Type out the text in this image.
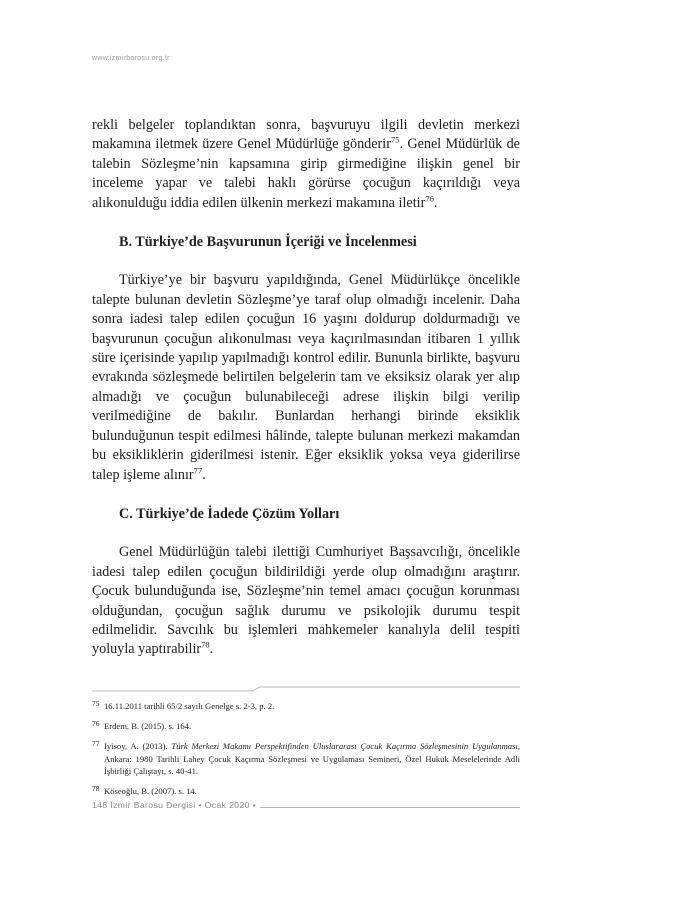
www.izmirbarosu.org.tr

rekli belgeler toplandıktan sonra, başvuruyu ilgili devletin merkezi makamına iletmek üzere Genel Müdürlüğe gönderir$^{75}$. Genel Müdürlük de talebin Sözleşme’nin kapsamına girip girmediğine ilişkin genel bir inceleme yapar ve talebi haklı görürse çocuğun kaçırıldığı veya alıkonulduğu iddia edilen ülkenin merkezi makamına iletir$^{76}$.

B. Türkiye’de Başvurunun İçeriği ve İncelenmesi

Türkiye’ye bir başvuru yapıldığında, Genel Müdürlükçe öncelikle talepte bulunan devletin Sözleşme’ye taraf olup olmadığı incelenir. Daha sonra iadesi talep edilen çocuğun 16 yaşını doldurup doldurmadığı ve başvurunun çocuğun alıkonulması veya kaçırılmasından itibaren 1 yıllık süre içerisinde yapılıp yapılmadığı kontrol edilir. Bununla birlikte, başvuru evrakında sözleşmede belirtilen belgelerin tam ve eksiksiz olarak yer alıp almadığı ve çocuğun bulunabileceği adrese ilişkin bilgi verilip verilmediğine de bakılır. Bunlardan herhangi birinde eksiklik bulunduğunun tespit edilmesi hâlinde, talepte bulunan merkezi makamdan bu eksikliklerin giderilmesi istenir. Eğer eksiklik yoksa veya giderilirse talep işleme alınır$^{77}$.

C. Türkiye’de İadede Çözüm Yolları

Genel Müdürlüğün talebi ilettiği Cumhuriyet Başsavcılığı, öncelikle iadesi talep edilen çocuğun bildirildiği yerde olup olmadığını araştırır. Çocuk bulunduğunda ise, Sözleşme’nin temel amacı çocuğun korunması olduğundan, çocuğun sağlık durumu ve psikolojik durumu tespit edilmelidir. Savcılık bu işlemleri mahkemeler kanalıyla delil tespiti yoluyla yaptırabilir$^{78}$.

75 16.11.2011 tarihli 65/2 sayılı Genelge s. 2-3, p. 2.

76 Erdem, B. (2015). s. 164.

77 Iyisoy, A. (2013). Türk Merkezi Makamı Perspektifinden Uluslararası Çocuk Kaçırma Sözleşmesinin Uygulanması, Ankara: 1980 Tarihli Lahey Çocuk Kaçırma Sözleşmesi ve Uygulaması Semineri, Özel Hukuk Meselelerinde Adli İşbirliği Çalıştayı, s. 40-41.

78 Köseoğlu, B. (2007). s. 14.

148 İzmir Barosu Dergisi • Ocak 2020 •
